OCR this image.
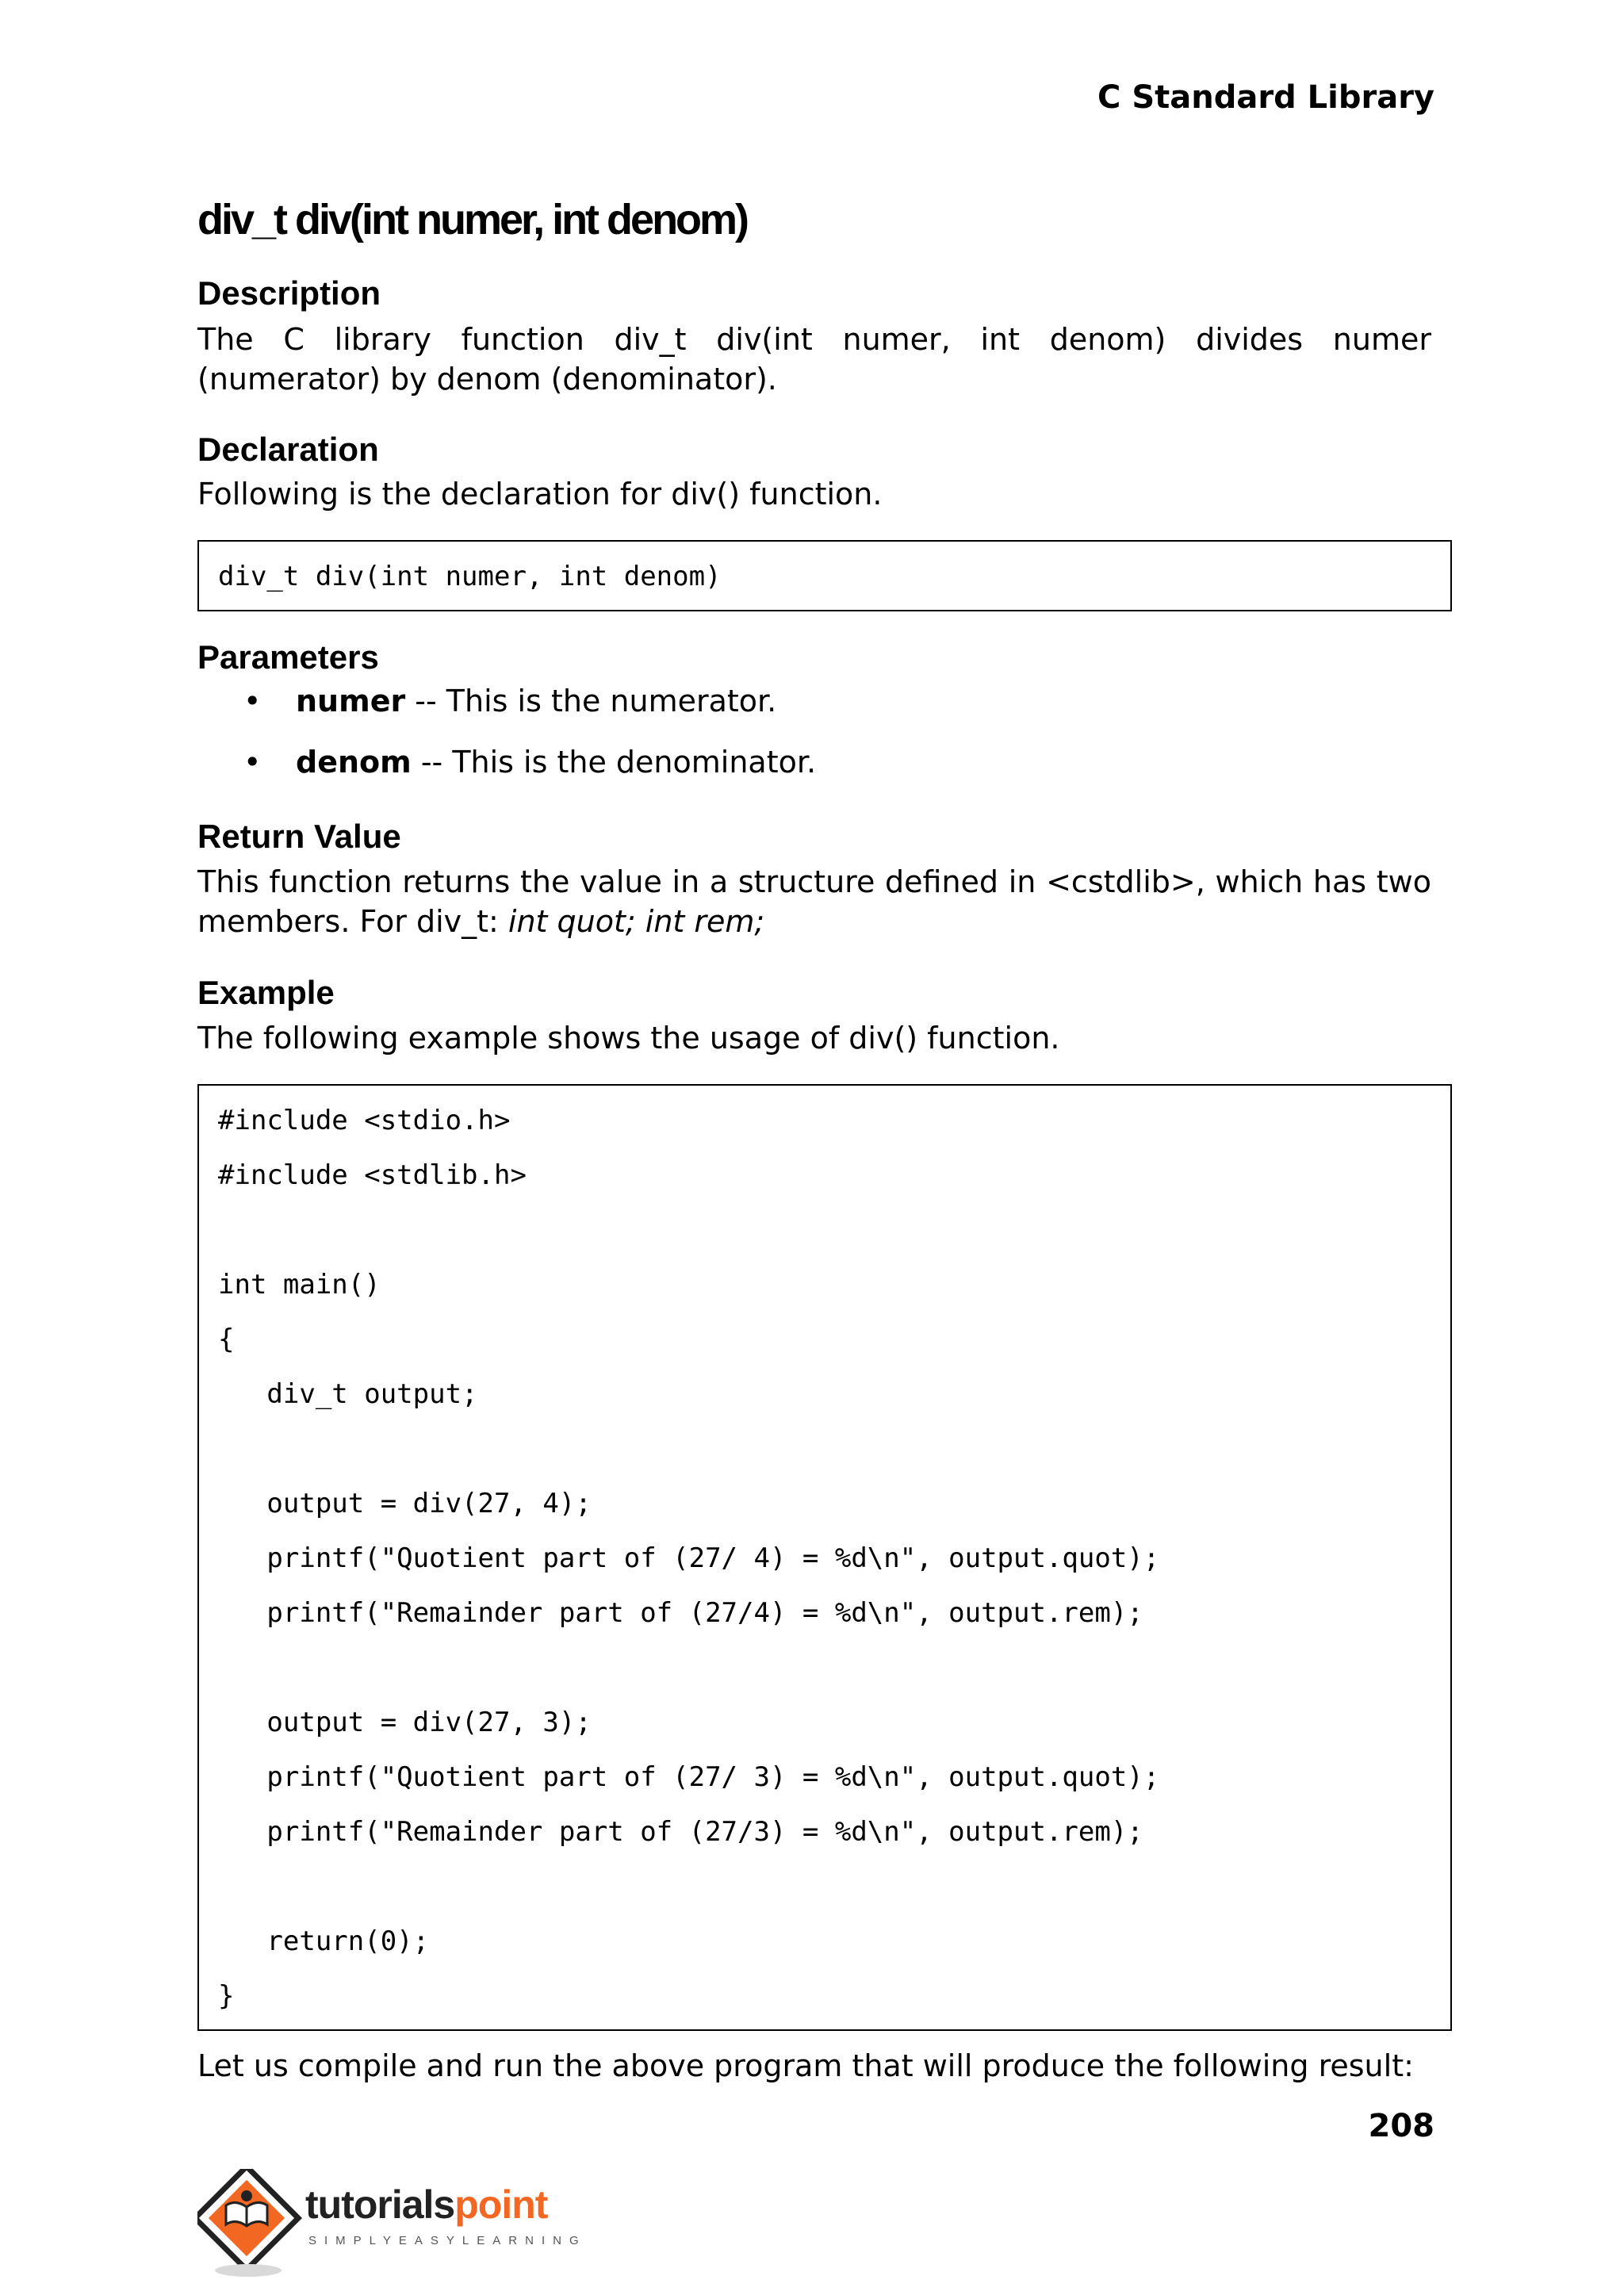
C Standard Library
div_t div(int numer, int denom)
Description
The C library function div_t div(int numer, int denom) divides numer
(numerator) by denom (denominator).
Declaration
Following is the declaration for div() function.
div_t div(int numer, int denom)
Parameters
• numer -- This is the numerator.
• denom -- This is the denominator.
Return Value
This function returns the value in a structure defined in <cstdlib>, which has two
members. For div_t: int quot; int rem;
Example
The following example shows the usage of div() function.
#include <stdio.h>
#include <stdlib.h>
int main()
{
div_t output;
output = div(27, 4);
printf("Quotient part of (27/ 4) = %d\n", output.quot);
printf("Remainder part of (27/4) = %d\n", output.rem);
output = div(27, 3);
printf("Quotient part of (27/ 3) = %d\n", output.quot);
printf("Remainder part of (27/3) = %d\n", output.rem);
return(0);
}
Let us compile and run the above program that will produce the following result:
208
tutorialspoint
SIMPLYEASYLEARNING
